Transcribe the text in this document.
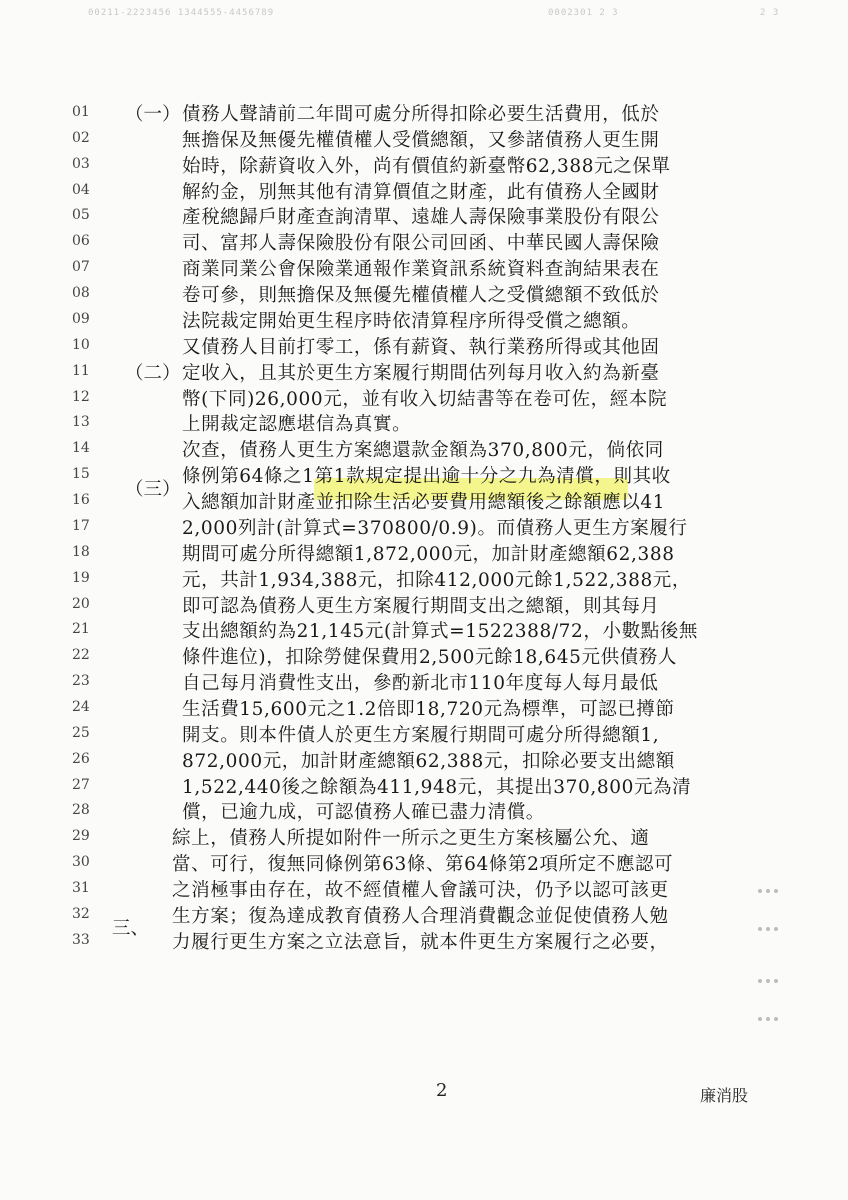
00211-2223456 1344555-4456789	0002301 2 3	2 3
01
02
03
04
05
06
07
08
09
10
11
12
13
14
15
16
17
18
19
20
21
22
23
24
25
26
27
28
29
30
31
32
33
（一）
（二）
（三）
三、
債務人聲請前二年間可處分所得扣除必要生活費用，低於
無擔保及無優先權債權人受償總額，又參諸債務人更生開
始時，除薪資收入外，尚有價值約新臺幣62,388元之保單
解約金，別無其他有清算價值之財產，此有債務人全國財
產稅總歸戶財產查詢清單、遠雄人壽保險事業股份有限公
司、富邦人壽保險股份有限公司回函、中華民國人壽保險
商業同業公會保險業通報作業資訊系統資料查詢結果表在
卷可參，則無擔保及無優先權債權人之受償總額不致低於
法院裁定開始更生程序時依清算程序所得受償之總額。
又債務人目前打零工，係有薪資、執行業務所得或其他固
定收入，且其於更生方案履行期間估列每月收入約為新臺
幣(下同)26,000元，並有收入切結書等在卷可佐，經本院
上開裁定認應堪信為真實。
次查，債務人更生方案總還款金額為370,800元，倘依同
條例第64條之1第1款規定提出逾十分之九為清償，則其收
入總額加計財產並扣除生活必要費用總額後之餘額應以41
2,000列計(計算式=370800/0.9)。而債務人更生方案履行
期間可處分所得總額1,872,000元，加計財產總額62,388
元，共計1,934,388元，扣除412,000元餘1,522,388元，
即可認為債務人更生方案履行期間支出之總額，則其每月
支出總額約為21,145元(計算式=1522388/72，小數點後無
條件進位)，扣除勞健保費用2,500元餘18,645元供債務人
自己每月消費性支出，參酌新北市110年度每人每月最低
生活費15,600元之1.2倍即18,720元為標準，可認已撙節
開支。則本件債人於更生方案履行期間可處分所得總額1,
872,000元，加計財產總額62,388元，扣除必要支出總額
1,522,440後之餘額為411,948元，其提出370,800元為清
償，已逾九成，可認債務人確已盡力清償。
綜上，債務人所提如附件一所示之更生方案核屬公允、適
當、可行，復無同條例第63條、第64條第2項所定不應認可
之消極事由存在，故不經債權人會議可決，仍予以認可該更
生方案；復為達成教育債務人合理消費觀念並促使債務人勉
力履行更生方案之立法意旨，就本件更生方案履行之必要，
2	廉消股
